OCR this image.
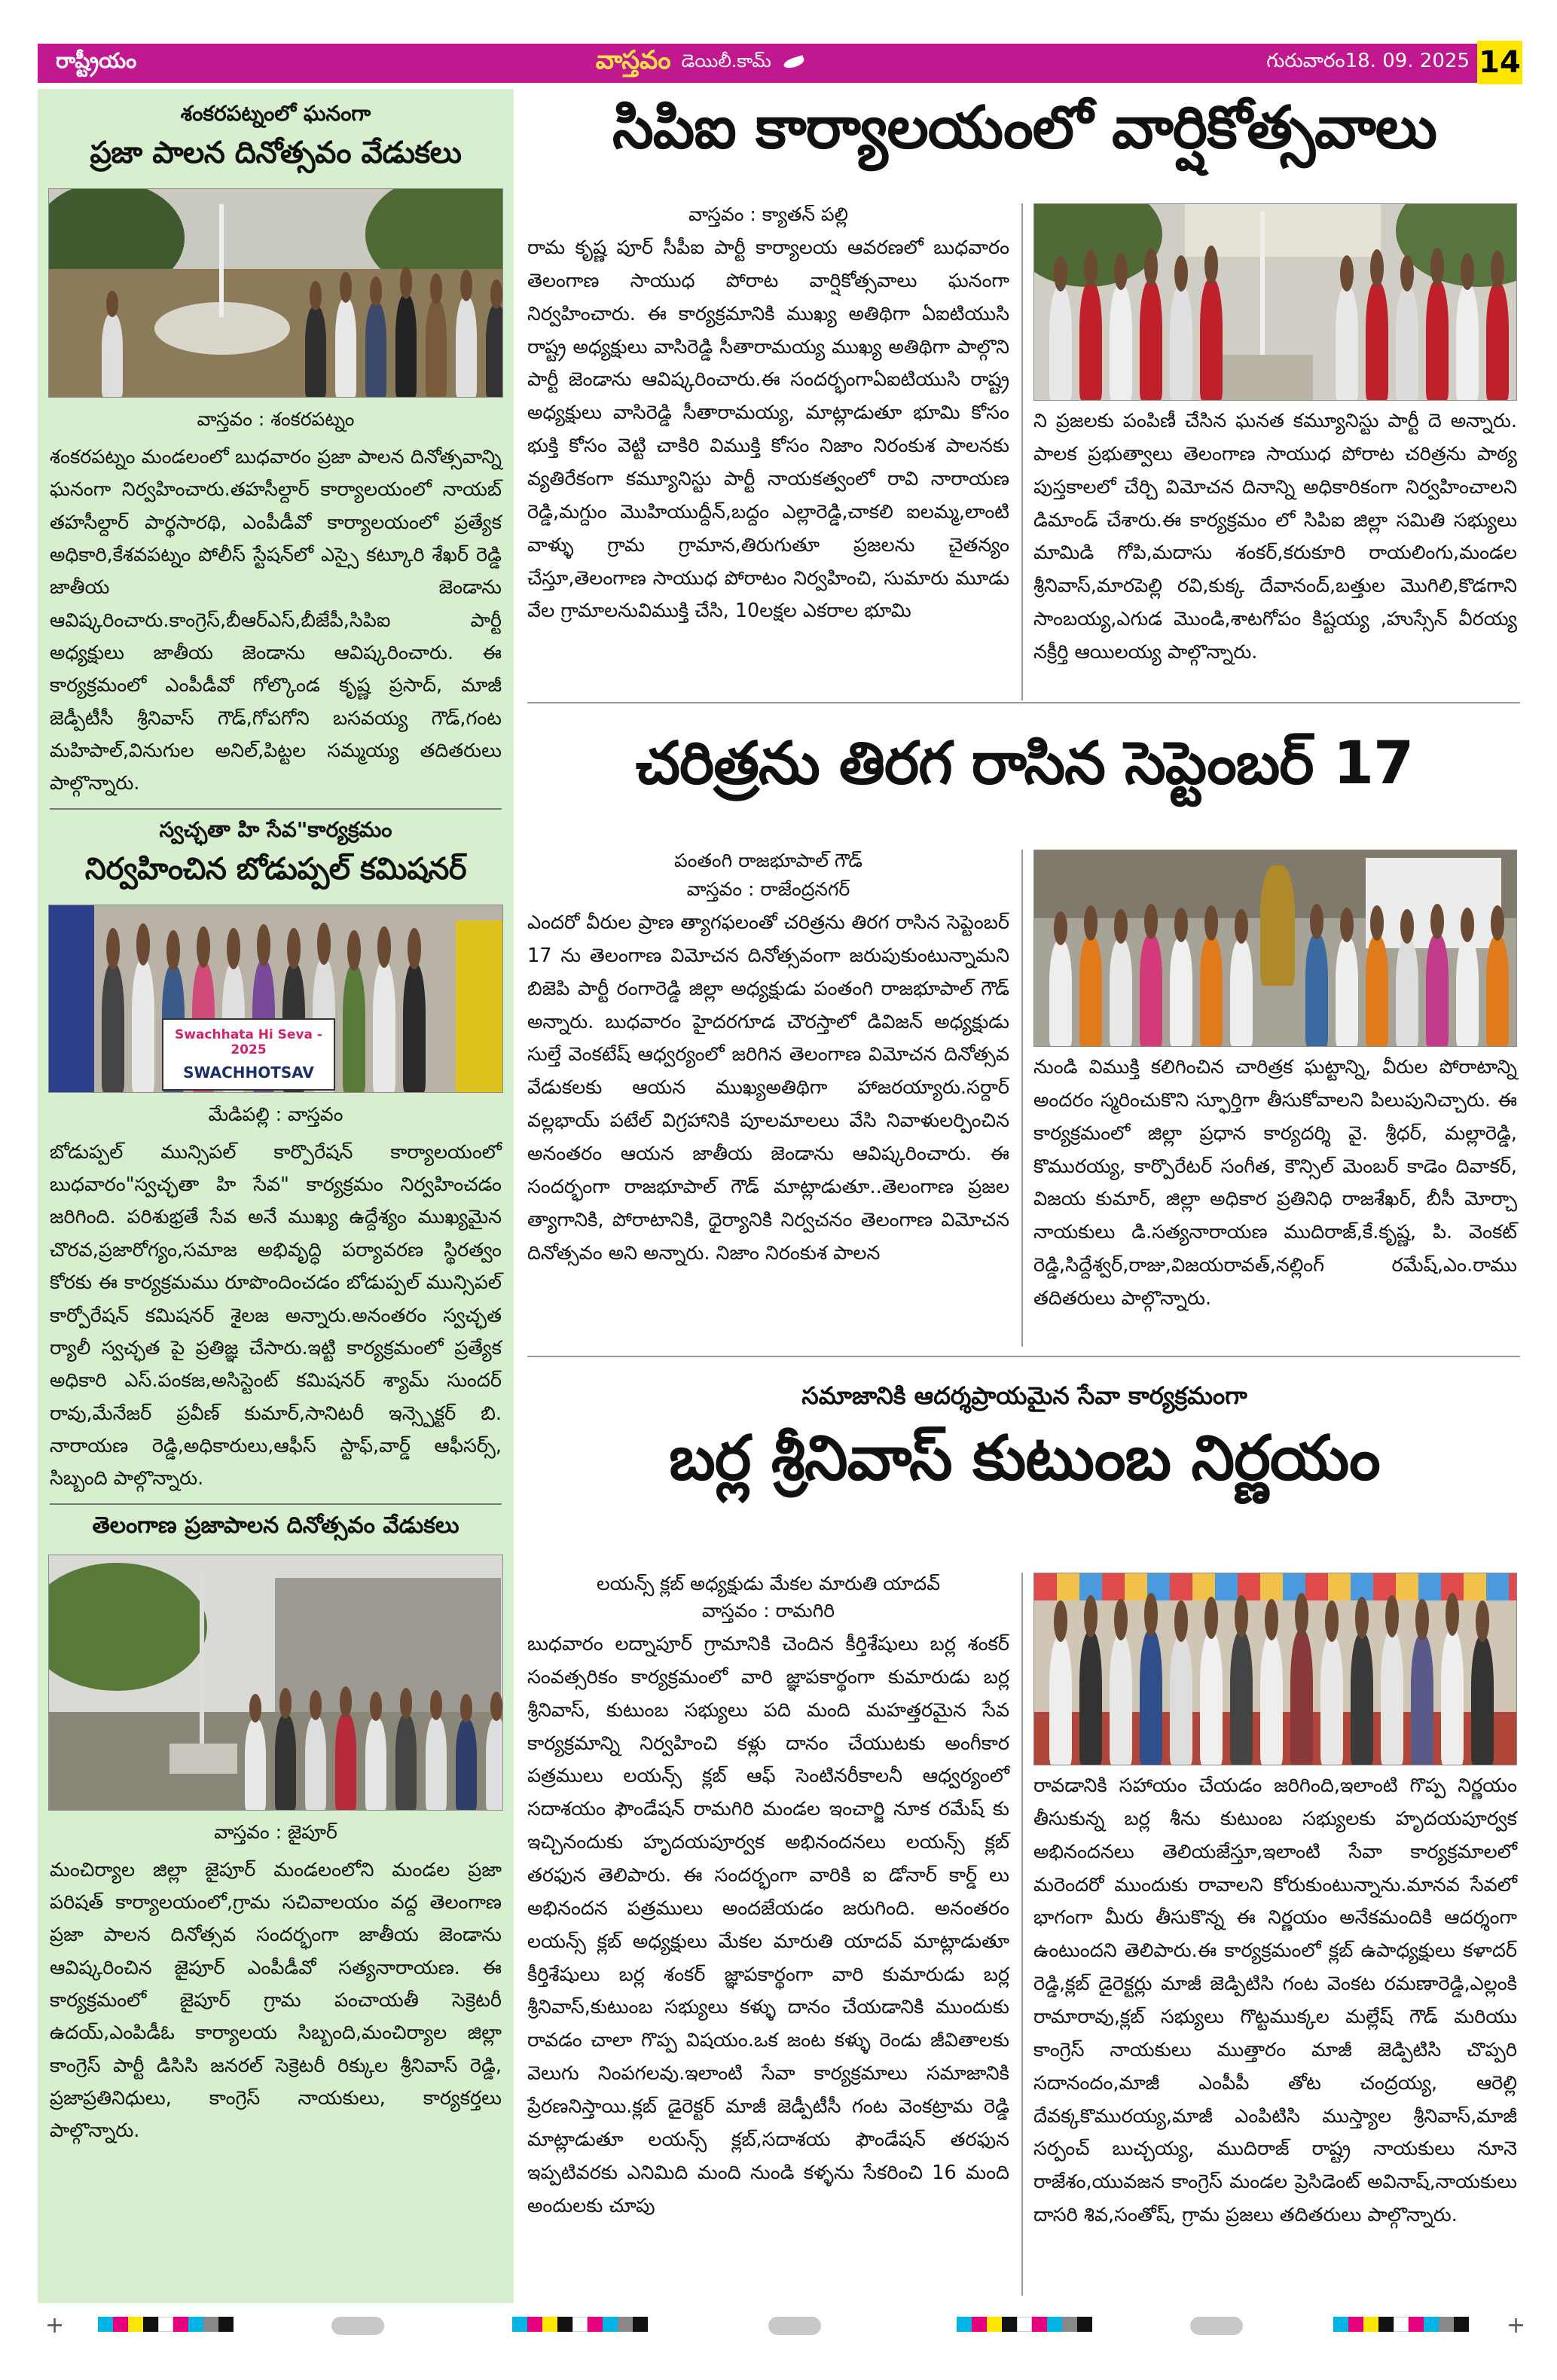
రాష్ట్రీయం	వాస్తవం డెయిలీ.కామ్	గురువారం18. 09. 2025 14
శంకరపట్నంలో ఘనంగా
ప్రజా పాలన దినోత్సవం వేడుకలు
వాస్తవం : శంకరపట్నం
శంకరపట్నం మండలంలో బుధవారం ప్రజా పాలన దినోత్సవాన్ని ఘనంగా నిర్వహించారు.తహసీల్దార్ కార్యాలయంలో నాయబ్ తహసీల్దార్ పార్థసారథి, ఎంపీడీవో కార్యాలయంలో ప్రత్యేక అధికారి,కేశవపట్నం పోలీస్ స్టేషన్‌లో ఎస్సై కట్కూరి శేఖర్ రెడ్డి జాతీయ జెండాను ఆవిష్కరించారు.కాంగ్రెస్,బీఆర్ఎస్,బీజేపీ,సిపిఐ పార్టీ అధ్యక్షులు జాతీయ జెండాను ఆవిష్కరించారు. ఈ కార్యక్రమంలో ఎంపీడీవో గోల్కొండ కృష్ణ ప్రసాద్, మాజీ జెడ్పీటీసీ శ్రీనివాస్ గౌడ్,గోపగోని బసవయ్య గౌడ్,గంట మహిపాల్,వినుగుల అనిల్,పిట్టల సమ్మయ్య తదితరులు పాల్గొన్నారు.
స్వచ్ఛతా హి సేవ"కార్యక్రమం
నిర్వహించిన బోడుప్పల్ కమిషనర్
Swachhata Hi Seva - 2025
SWACHHOTSAV
మేడిపల్లి : వాస్తవం
బోడుప్పల్ మున్సిపల్ కార్పొరేషన్ కార్యాలయంలో బుధవారం"స్వచ్ఛతా హి సేవ" కార్యక్రమం నిర్వహించడం జరిగింది. పరిశుభ్రతే సేవ అనే ముఖ్య ఉద్దేశ్యం ముఖ్యమైన చొరవ,ప్రజారోగ్యం,సమాజ అభివృద్ధి పర్యావరణ స్థిరత్వం కోరకు ఈ కార్యక్రమము రూపొందించడం బోడుప్పల్ మున్సిపల్ కార్పోరేషన్ కమిషనర్ శైలజ అన్నారు.అనంతరం స్వచ్ఛత ర్యాలీ స్వచ్ఛత పై ప్రతిజ్ఞ చేసారు.ఇట్టి కార్యక్రమంలో ప్రత్యేక అధికారి ఎస్.పంకజ,అసిస్టెంట్ కమిషనర్ శ్యామ్ సుందర్ రావు,మేనేజర్ ప్రవీణ్ కుమార్,సానిటరీ ఇన్స్పెక్టర్ బి. నారాయణ రెడ్డి,అధికారులు,ఆఫీస్ స్టాఫ్,వార్డ్ ఆఫీసర్స్, సిబ్బంది పాల్గొన్నారు.
తెలంగాణ ప్రజాపాలన దినోత్సవం వేడుకలు
వాస్తవం : జైపూర్
మంచిర్యాల జిల్లా జైపూర్ మండలంలోని మండల ప్రజా పరిషత్ కార్యాలయంలో,గ్రామ సచివాలయం వద్ద తెలంగాణ ప్రజా పాలన దినోత్సవ సందర్భంగా జాతీయ జెండాను ఆవిష్కరించిన జైపూర్ ఎంపీడీవో సత్యనారాయణ. ఈ కార్యక్రమంలో జైపూర్ గ్రామ పంచాయతీ సెక్రెటరీ ఉదయ్,ఎంపిడీఓ కార్యాలయ సిబ్బంది,మంచిర్యాల జిల్లా కాంగ్రెస్ పార్టీ డిసిసి జనరల్ సెక్రెటరీ రిక్కుల శ్రీనివాస్ రెడ్డి, ప్రజాప్రతినిధులు, కాంగ్రెస్ నాయకులు, కార్యకర్తలు పాల్గొన్నారు.
సిపిఐ కార్యాలయంలో వార్షికోత్సవాలు
వాస్తవం : క్యాతన్ పల్లి
రామ కృష్ణ పూర్ సీపీఐ పార్టీ కార్యాలయ ఆవరణలో బుధవారం తెలంగాణ సాయుధ పోరాట వార్షికోత్సవాలు ఘనంగా నిర్వహించారు. ఈ కార్యక్రమానికి ముఖ్య అతిథిగా ఏఐటియుసి రాష్ట్ర అధ్యక్షులు వాసిరెడ్డి సీతారామయ్య ముఖ్య అతిథిగా పాల్గొని పార్టీ జెండాను ఆవిష్కరించారు.ఈ సందర్భంగాఏఐటియుసి రాష్ట్ర అధ్యక్షులు వాసిరెడ్డి సీతారామయ్య, మాట్లాడుతూ భూమి కోసం భుక్తి కోసం వెట్టి చాకిరి విముక్తి కోసం నిజాం నిరంకుశ పాలనకు వ్యతిరేకంగా కమ్యూనిస్టు పార్టీ నాయకత్వంలో రావి నారాయణ రెడ్డి,మగ్దుం మొహియుద్దీన్,బద్దం ఎల్లారెడ్డి,చాకలి ఐలమ్మ,లాంటి వాళ్ళు గ్రామ గ్రామాన,తిరుగుతూ ప్రజలను చైతన్యం చేస్తూ,తెలంగాణ సాయుధ పోరాటం నిర్వహించి, సుమారు మూడు వేల గ్రామాలనువిముక్తి చేసి, 10లక్షల ఎకరాల భూమి
ని ప్రజలకు పంపిణీ చేసిన ఘనత కమ్యూనిస్టు పార్టీ దె అన్నారు. పాలక ప్రభుత్వాలు తెలంగాణ సాయుధ పోరాట చరిత్రను పాఠ్య పుస్తకాలలో చేర్చి విమోచన దినాన్ని అధికారికంగా నిర్వహించాలని డిమాండ్ చేశారు.ఈ కార్యక్రమం లో సిపిఐ జిల్లా సమితి సభ్యులు మామిడి గోపి,మదాసు శంకర్,కరుకూరి రాయలింగు,మండల శ్రీనివాస్,మారపెల్లి రవి,కుక్క దేవానంద్,బత్తుల మొగిలి,కొడగాని సాంబయ్య,ఎగుడ మొండి,శాటగోపం కిష్టయ్య ,హుస్సేన్ వీరయ్య నక్రీర్తి ఆయిలయ్య పాల్గొన్నారు.
చరిత్రను తిరగ రాసిన సెప్టెంబర్ 17
పంతంగి రాజభూపాల్ గౌడ్
వాస్తవం : రాజేంద్రనగర్
ఎందరో వీరుల ప్రాణ త్యాగఫలంతో చరిత్రను తిరగ రాసిన సెప్టెంబర్ 17 ను తెలంగాణ విమోచన దినోత్సవంగా జరుపుకుంటున్నామని బిజెపి పార్టీ రంగారెడ్డి జిల్లా అధ్యక్షుడు పంతంగి రాజభూపాల్ గౌడ్ అన్నారు. బుధవారం హైదరగూడ చౌరస్తాలో డివిజన్ అధ్యక్షుడు సుల్తే వెంకటేష్ ఆధ్వర్యంలో జరిగిన తెలంగాణ విమోచన దినోత్సవ వేడుకలకు ఆయన ముఖ్యఅతిథిగా హాజరయ్యారు.సర్దార్ వల్లభాయ్ పటేల్ విగ్రహానికి పూలమాలలు వేసి నివాళులర్పించిన అనంతరం ఆయన జాతీయ జెండాను ఆవిష్కరించారు. ఈ సందర్భంగా రాజభూపాల్ గౌడ్ మాట్లాడుతూ..తెలంగాణ ప్రజల త్యాగానికి, పోరాటానికి, ధైర్యానికి నిర్వచనం తెలంగాణ విమోచన దినోత్సవం అని అన్నారు. నిజాం నిరంకుశ పాలన
నుండి విముక్తి కలిగించిన చారిత్రక ఘట్టాన్ని, వీరుల పోరాటాన్ని అందరం స్మరించుకొని స్ఫూర్తిగా తీసుకోవాలని పిలుపునిచ్చారు. ఈ కార్యక్రమంలో జిల్లా ప్రధాన కార్యదర్శి వై. శ్రీధర్, మల్లారెడ్డి, కొమురయ్య, కార్పొరేటర్ సంగీత, కౌన్సిల్ మెంబర్ కాడెం దివాకర్, విజయ కుమార్, జిల్లా అధికార ప్రతినిధి రాజశేఖర్, బీసీ మోర్చా నాయకులు డి.సత్యనారాయణ ముదిరాజ్,కే.కృష్ణ, పి. వెంకట్ రెడ్డి,సిద్దేశ్వర్,రాజు,విజయరావత్,నల్లింగ్ రమేష్,ఎం.రాము తదితరులు పాల్గొన్నారు.
సమాజానికి ఆదర్శప్రాయమైన సేవా కార్యక్రమంగా
బర్ల శ్రీనివాస్ కుటుంబ నిర్ణయం
లయన్స్ క్లబ్ అధ్యక్షుడు మేకల మారుతి యాదవ్
వాస్తవం : రామగిరి
బుధవారం లద్నాపూర్ గ్రామానికి చెందిన కీర్తిశేషులు బర్ల శంకర్ సంవత్సరికం కార్యక్రమంలో వారి జ్ఞాపకార్థంగా కుమారుడు బర్ల శ్రీనివాస్, కుటుంబ సభ్యులు పది మంది మహత్తరమైన సేవ కార్యక్రమాన్ని నిర్వహించి కళ్లు దానం చేయుటకు అంగీకార పత్రములు లయన్స్ క్లబ్ ఆఫ్ సెంటినరీకాలనీ ఆధ్వర్యంలో సదాశయం ఫౌండేషన్ రామగిరి మండల ఇంచార్జి నూక రమేష్ కు ఇచ్చినందుకు హృదయపూర్వక అభినందనలు లయన్స్ క్లబ్ తరఫున తెలిపారు. ఈ సందర్భంగా వారికి ఐ డోనార్ కార్డ్ లు అభినందన పత్రములు అందజేయడం జరుగింది. అనంతరం లయన్స్ క్లబ్ అధ్యక్షులు మేకల మారుతి యాదవ్ మాట్లాడుతూ కీర్తిశేషులు బర్ల శంకర్ జ్ఞాపకార్థంగా వారి కుమారుడు బర్ల శ్రీనివాస్,కుటుంబ సభ్యులు కళ్ళు దానం చేయడానికి ముందుకు రావడం చాలా గొప్ప విషయం.ఒక జంట కళ్ళు రెండు జీవితాలకు వెలుగు నింపగలవు.ఇలాంటి సేవా కార్యక్రమాలు సమాజానికి ప్రేరణనిస్తాయి.క్లబ్ డైరెక్టర్ మాజీ జెడ్పీటీసీ గంట వెంకట్రామ రెడ్డి మాట్లాడుతూ లయన్స్ క్లబ్,సదాశయ ఫౌండేషన్ తరఫున ఇప్పటివరకు ఎనిమిది మంది నుండి కళ్ళను సేకరించి 16 మంది అందులకు చూపు
రావడానికి సహాయం చేయడం జరిగింది,ఇలాంటి గొప్ప నిర్ణయం తీసుకున్న బర్ల శీను కుటుంబ సభ్యులకు హృదయపూర్వక అభినందనలు తెలియజేస్తూ,ఇలాంటి సేవా కార్యక్రమాలలో మరెందరో ముందుకు రావాలని కోరుకుంటున్నాను.మానవ సేవలో భాగంగా మీరు తీసుకొన్న ఈ నిర్ణయం అనేకమందికి ఆదర్శంగా ఉంటుందని తెలిపారు.ఈ కార్యక్రమంలో క్లబ్ ఉపాధ్యక్షులు కళాదర్ రెడ్డి,క్లబ్ డైరెక్టర్లు మాజీ జెడ్పిటిసి గంట వెంకట రమణారెడ్డి,ఎల్లంకి రామారావు,క్లబ్ సభ్యులు గొట్టముక్కల మల్లేష్ గౌడ్ మరియు కాంగ్రెస్ నాయకులు ముత్తారం మాజీ జెడ్పిటిసి చొప్పరి సదానందం,మాజీ ఎంపీపీ తోట చంద్రయ్య, ఆరెల్లి దేవక్కకొమురయ్య,మాజీ ఎంపిటిసి ముస్త్యాల శ్రీనివాస్,మాజీ సర్పంచ్ బుచ్చయ్య, ముదిరాజ్ రాష్ట్ర నాయకులు నూనె రాజేశం,యువజన కాంగ్రెస్ మండల ప్రెసిడెంట్ అవినాష్,నాయకులు దాసరి శివ,సంతోష్, గ్రామ ప్రజలు తదితరులు పాల్గొన్నారు.
+	+
